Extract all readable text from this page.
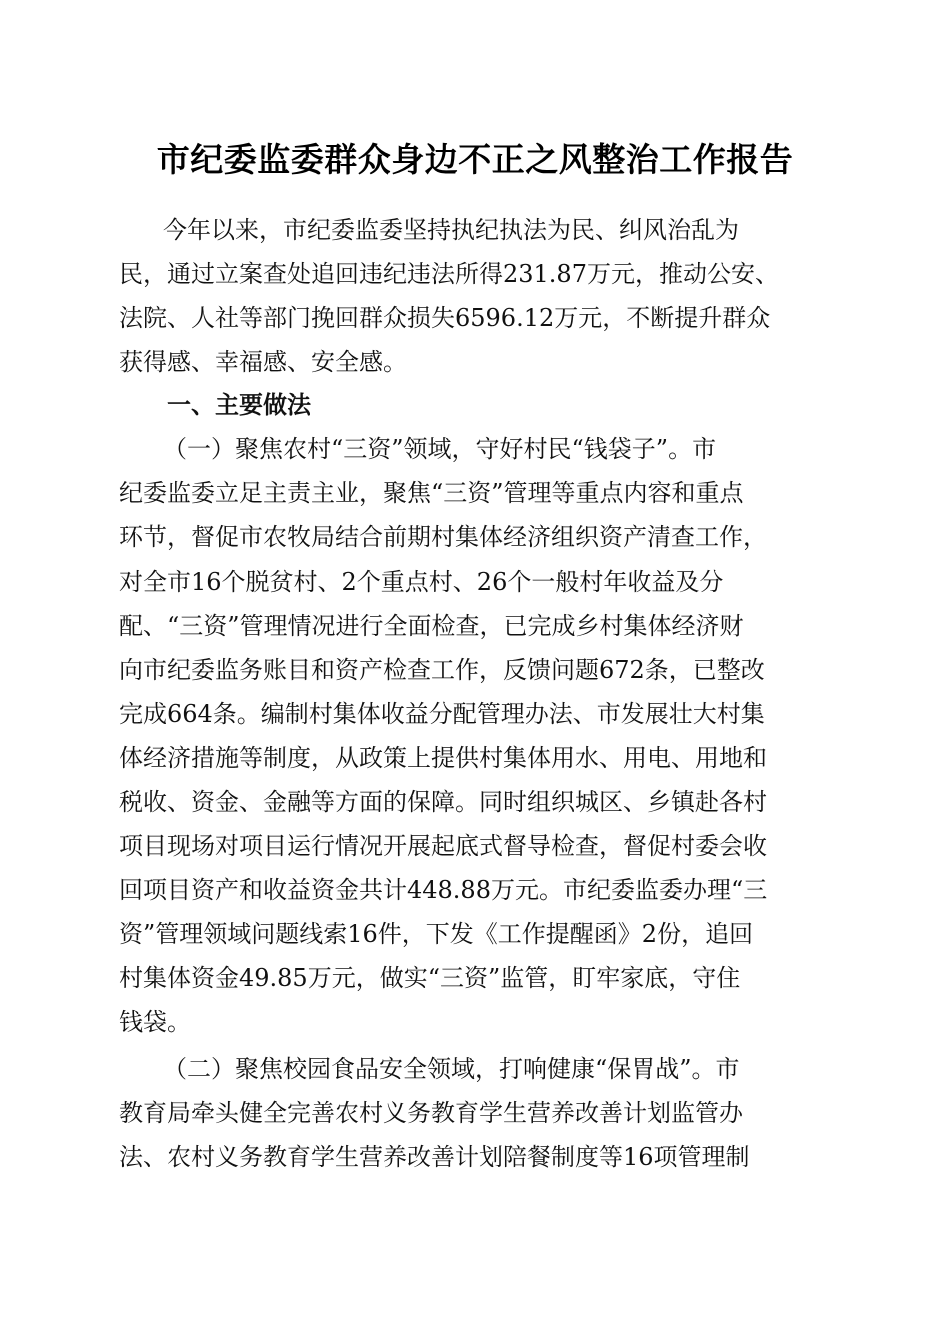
市纪委监委群众身边不正之风整治工作报告
今年以来，市纪委监委坚持执纪执法为民、纠风治乱为
民，通过立案查处追回违纪违法所得231.87万元，推动公安、
法院、人社等部门挽回群众损失6596.12万元，不断提升群众
获得感、幸福感、安全感。
一、主要做法
（一）聚焦农村“三资”领域，守好村民“钱袋子”。市
纪委监委立足主责主业，聚焦“三资”管理等重点内容和重点
环节，督促市农牧局结合前期村集体经济组织资产清查工作，
对全市16个脱贫村、2个重点村、26个一般村年收益及分
配、“三资”管理情况进行全面检查，已完成乡村集体经济财
向市纪委监务账目和资产检查工作，反馈问题672条，已整改
完成664条。编制村集体收益分配管理办法、市发展壮大村集
体经济措施等制度，从政策上提供村集体用水、用电、用地和
税收、资金、金融等方面的保障。同时组织城区、乡镇赴各村
项目现场对项目运行情况开展起底式督导检查，督促村委会收
回项目资产和收益资金共计448.88万元。市纪委监委办理“三
资”管理领域问题线索16件，下发《工作提醒函》2份，追回
村集体资金49.85万元，做实“三资”监管，盯牢家底，守住
钱袋。
（二）聚焦校园食品安全领域，打响健康“保胃战”。市
教育局牵头健全完善农村义务教育学生营养改善计划监管办
法、农村义务教育学生营养改善计划陪餐制度等16项管理制
